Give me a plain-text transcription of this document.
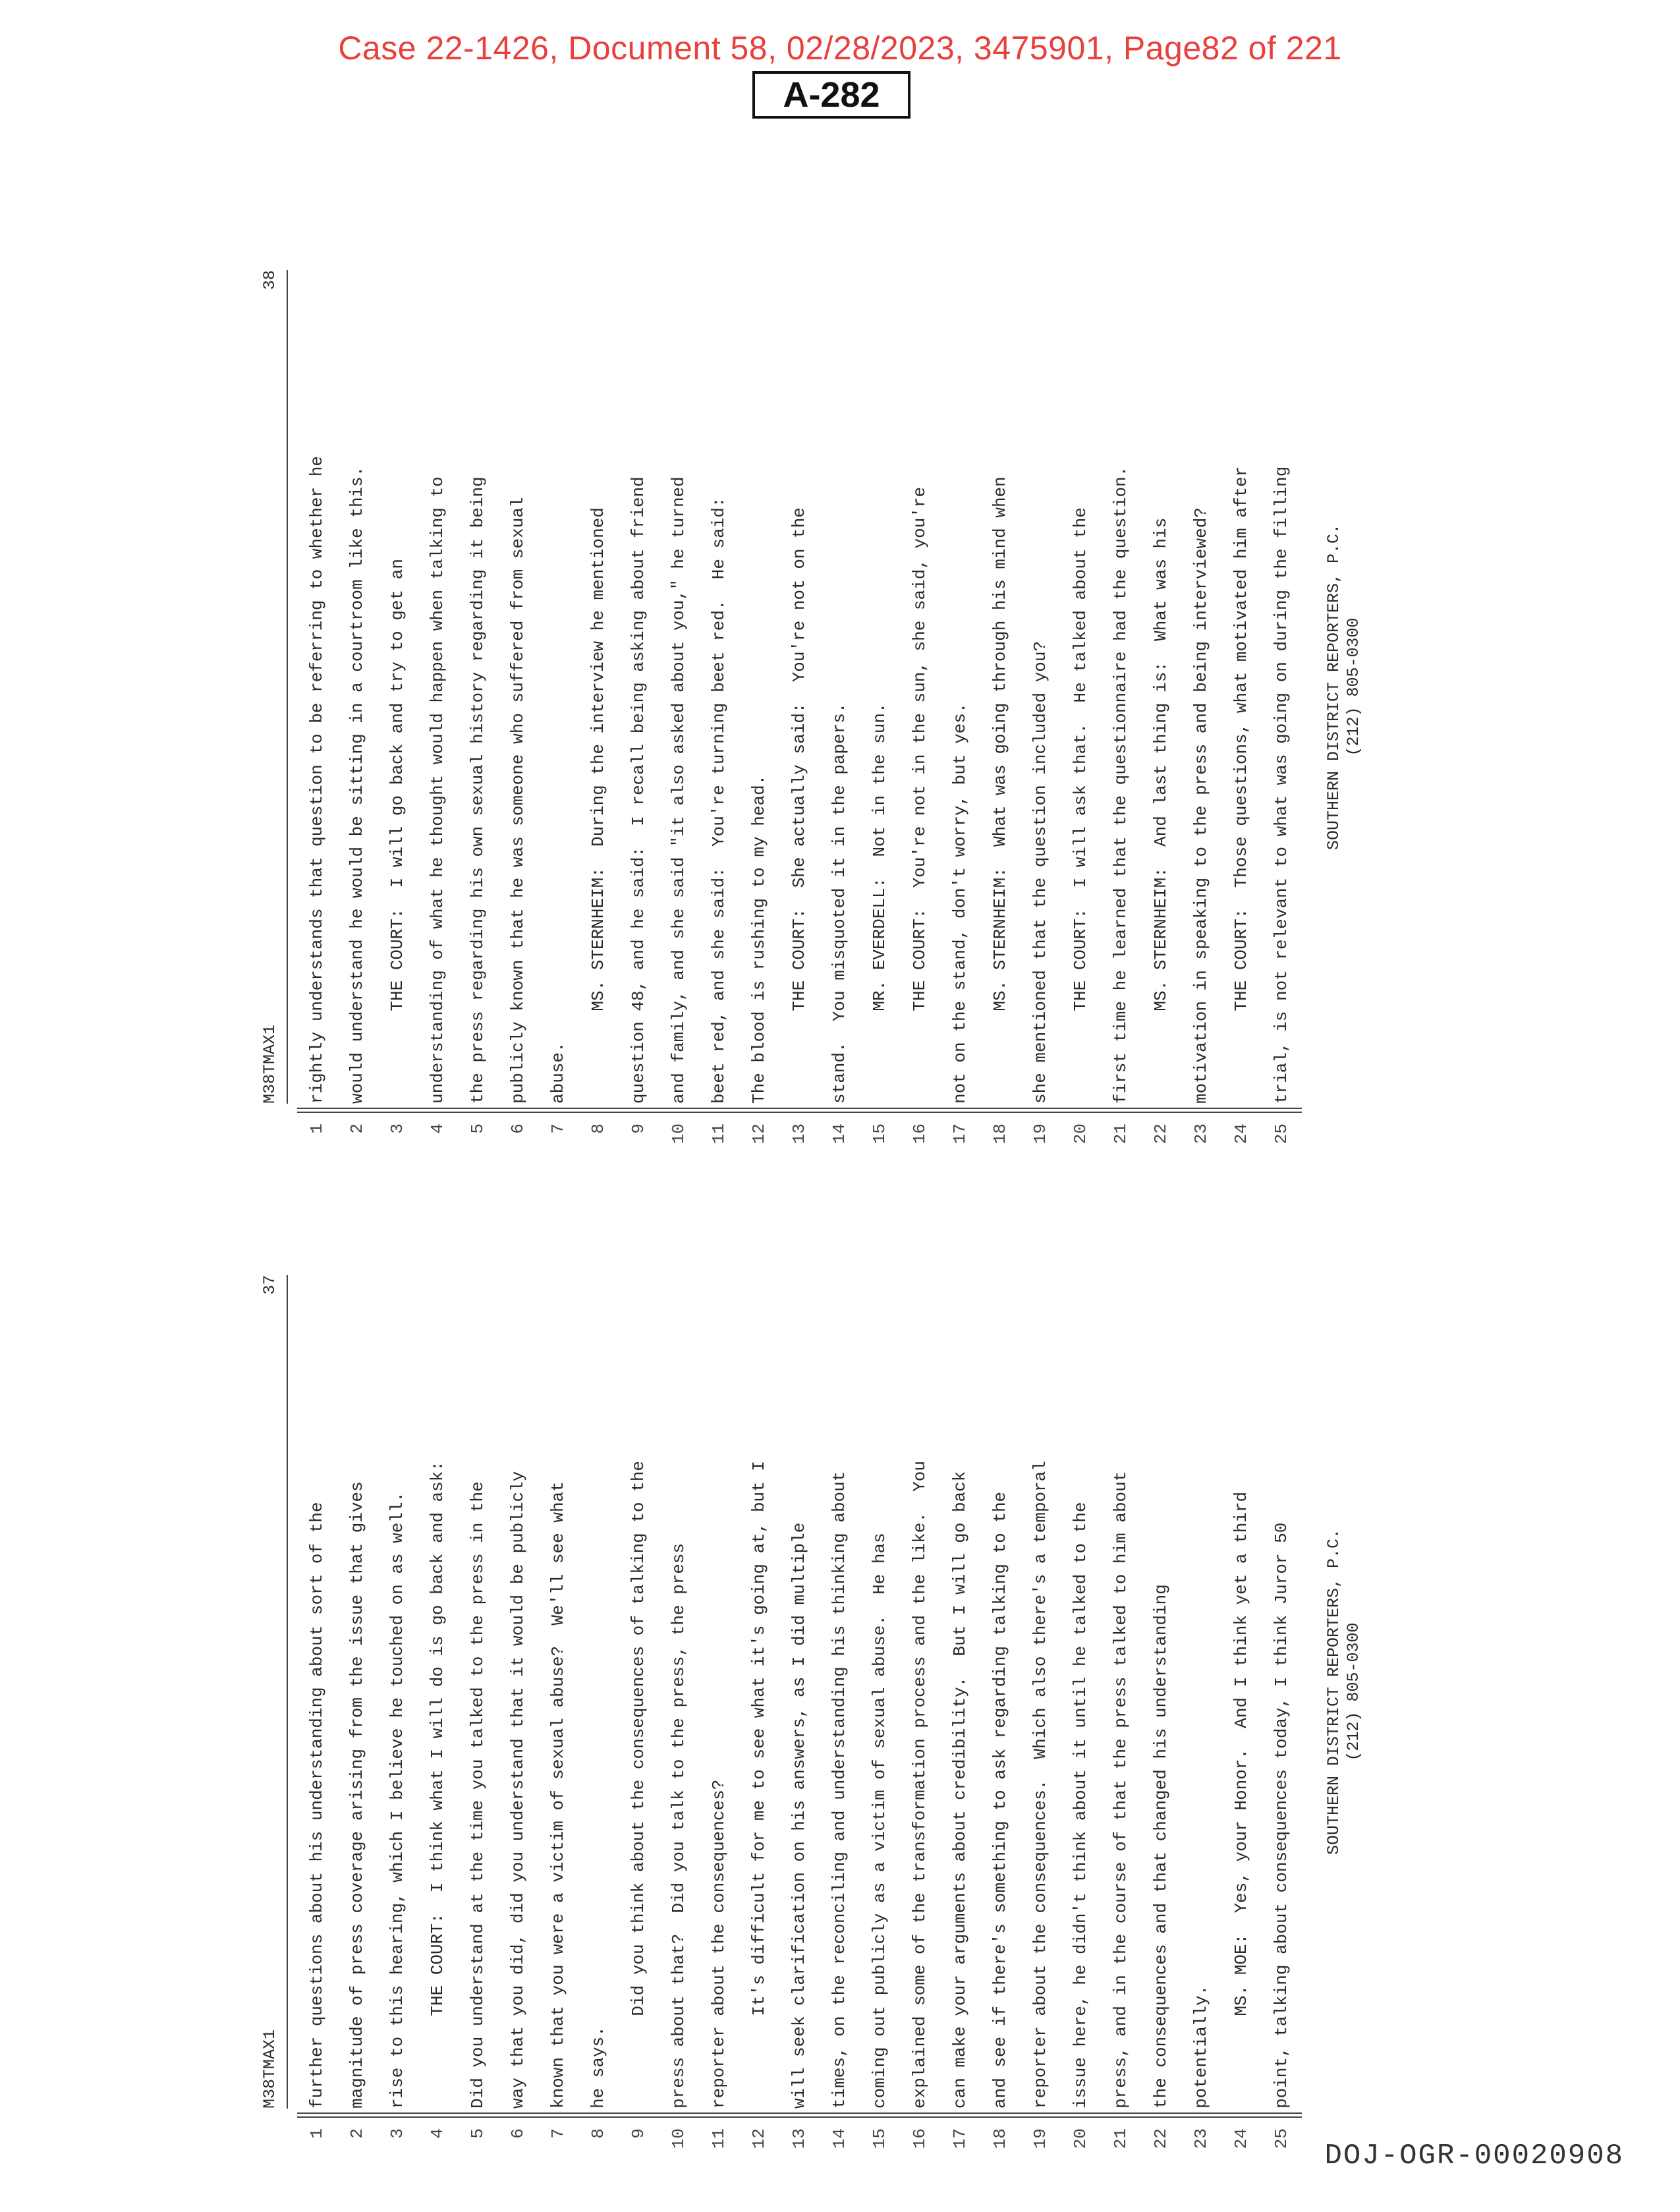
Case 22-1426, Document 58, 02/28/2023, 3475901, Page82 of 221
A-282
M38TMAX1
37
1
further questions about his understanding about sort of the
2
magnitude of press coverage arising from the issue that gives
3
rise to this hearing, which I believe he touched on as well.
4
THE COURT:  I think what I will do is go back and ask:
5
Did you understand at the time you talked to the press in the
6
way that you did, did you understand that it would be publicly
7
known that you were a victim of sexual abuse?  We'll see what
8
he says.
9
Did you think about the consequences of talking to the
10
press about that?  Did you talk to the press, the press
11
reporter about the consequences?
12
It's difficult for me to see what it's going at, but I
13
will seek clarification on his answers, as I did multiple
14
times, on the reconciling and understanding his thinking about
15
coming out publicly as a victim of sexual abuse.  He has
16
explained some of the transformation process and the like.  You
17
can make your arguments about credibility.  But I will go back
18
and see if there's something to ask regarding talking to the
19
reporter about the consequences.  Which also there's a temporal
20
issue here, he didn't think about it until he talked to the
21
press, and in the course of that the press talked to him about
22
the consequences and that changed his understanding
23
potentially.
24
MS. MOE:  Yes, your Honor.  And I think yet a third
25
point, talking about consequences today, I think Juror 50	SOUTHERN DISTRICT REPORTERS, P.C. (212) 805-0300
M38TMAX1
38
1
rightly understands that question to be referring to whether he
2
would understand he would be sitting in a courtroom like this.
3
THE COURT:  I will go back and try to get an
4
understanding of what he thought would happen when talking to
5
the press regarding his own sexual history regarding it being
6
publicly known that he was someone who suffered from sexual
7
abuse.
8
MS. STERNHEIM:  During the interview he mentioned
9
question 48, and he said:  I recall being asking about friend
10
and family, and she said "it also asked about you," he turned
11
beet red, and she said:  You're turning beet red.  He said:
12
The blood is rushing to my head.
13
THE COURT:  She actually said:  You're not on the
14
stand.  You misquoted it in the papers.
15
MR. EVERDELL:  Not in the sun.
16
THE COURT:  You're not in the sun, she said, you're
17
not on the stand, don't worry, but yes.
18
MS. STERNHEIM:  What was going through his mind when
19
she mentioned that the question included you?
20
THE COURT:  I will ask that.  He talked about the
21
first time he learned that the questionnaire had the question.
22
MS. STERNHEIM:  And last thing is:  What was his
23
motivation in speaking to the press and being interviewed?
24
THE COURT:  Those questions, what motivated him after
25
trial, is not relevant to what was going on during the filling	SOUTHERN DISTRICT REPORTERS, P.C. (212) 805-0300
DOJ-OGR-00020908
